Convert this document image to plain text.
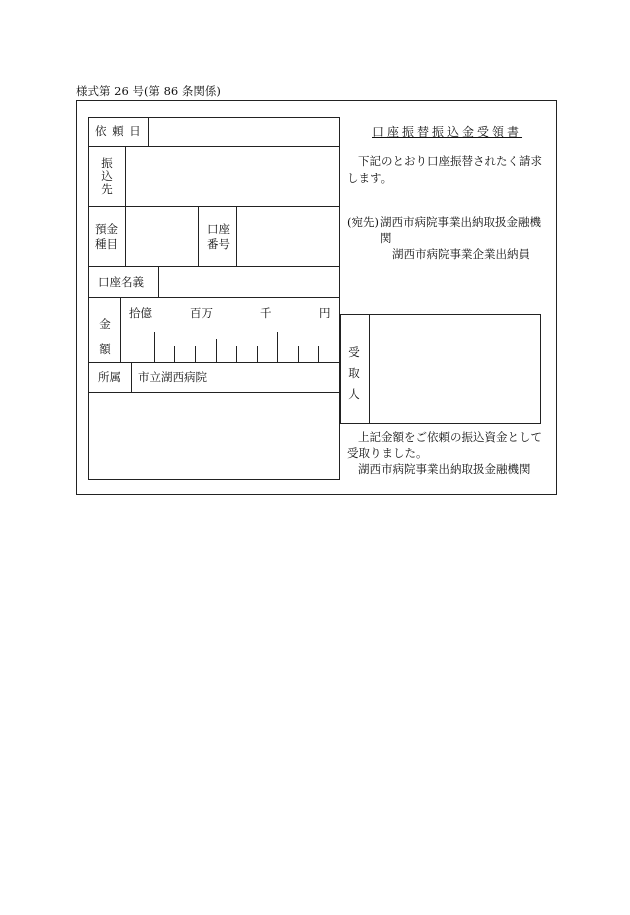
様式第 26 号(第 86 条関係)
依 頼 日
振込先
預金種目
口座番号
口座名義
金額
拾億	百万	千	円
所属 市立湖西病院
口座振替振込金受領書
下記のとおり口座振替されたく請求
します。
(宛先) 湖西市病院事業出納取扱金融機
関
湖西市病院事業企業出納員
受取人
上記金額をご依頼の振込資金として
受取りました。
湖西市病院事業出納取扱金融機関
